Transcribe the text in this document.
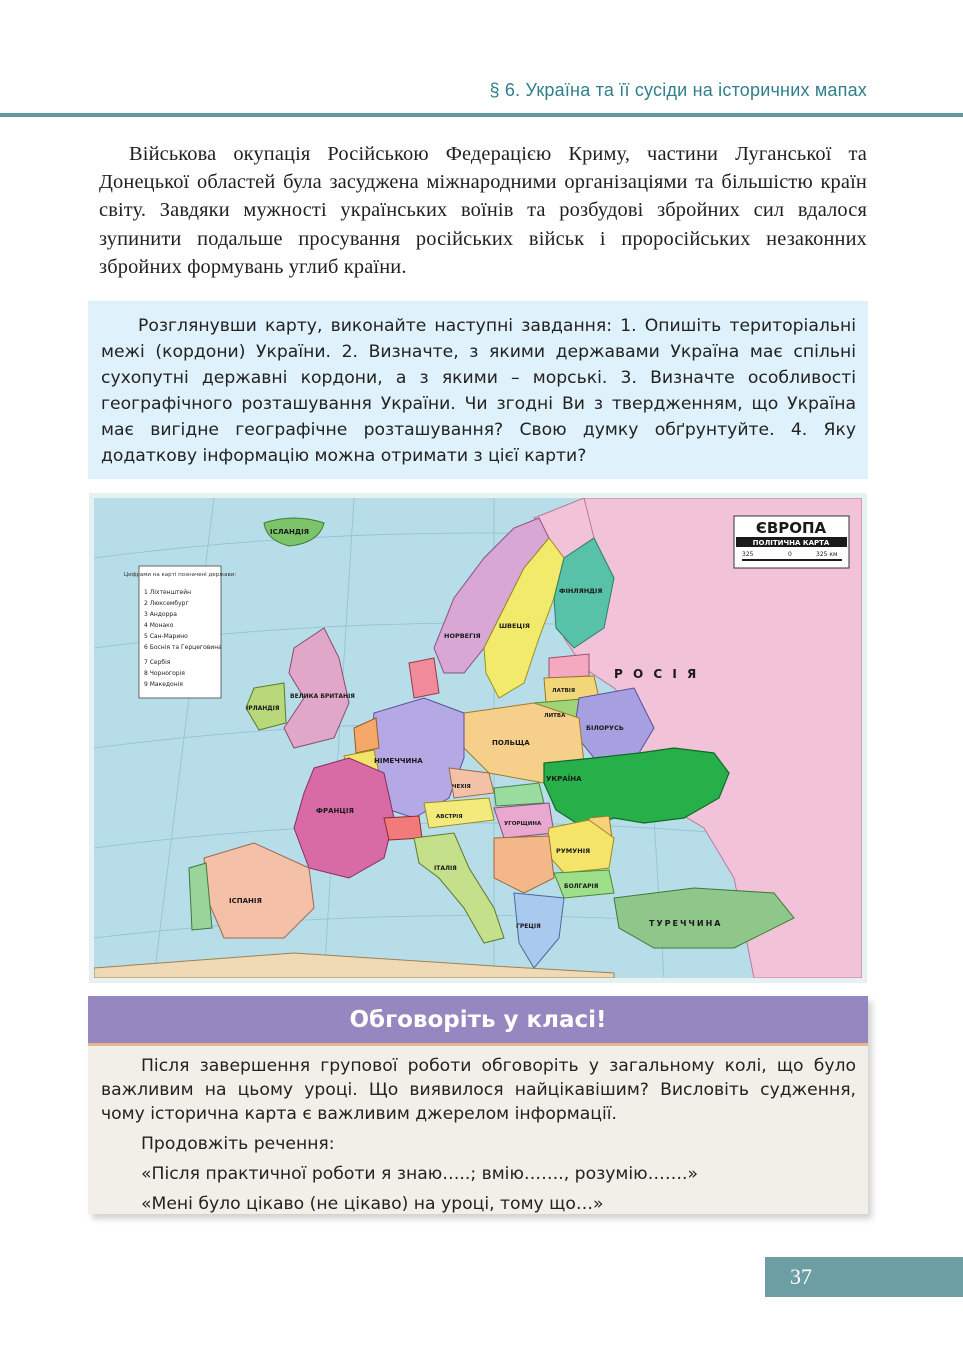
§ 6. Україна та її сусіди на історичних мапах

Військова окупація Російською Федерацією Криму, частини Луганської та Донецької областей була засуджена міжнародними організаціями та більшістю країн світу. Завдяки мужності українських воїнів та розбудові збройних сил вдалося зупинити подальше просування російських військ і проросійських незаконних збройних формувань углиб країни.

Розглянувши карту, виконайте наступні завдання: 1. Опишіть територіальні межі (кордони) України. 2. Визначте, з якими державами Україна має спільні сухопутні державні кордони, а з якими – морські. 3. Визначте особливості географічного розташування України. Чи згодні Ви з твердженням, що Україна має вигідне географічне розташування? Свою думку обґрунтуйте. 4. Яку додаткову інформацію можна отримати з цієї карти?

ЄВРОПА
ПОЛІТИЧНА КАРТА
325	0	325 км
Цифрами на карті позначені держави:
1 Ліхтенштейн
2 Люксембург
3 Андорра
4 Монако
5 Сан-Марино
6 Боснія та Герцеговина
7 Сербія
8 Чорногорія
9 Македонія
Р О С І Я
УКРАЇНА
БІЛОРУСЬ
ПОЛЬЩА
НІМЕЧЧИНА
ФРАНЦІЯ
ІСПАНІЯ
ІТАЛІЯ
РУМУНІЯ
БОЛГАРІЯ
ТУРЕЧЧИНА
ГРЕЦІЯ
ВЕЛИКА БРИТАНІЯ
ІРЛАНДІЯ
ІСЛАНДІЯ
НОРВЕГІЯ
ШВЕЦІЯ
ФІНЛЯНДІЯ
ЧЕХІЯ
АВСТРІЯ
УГОРЩИНА
ЛАТВІЯ
ЛИТВА
Обговоріть у класі!

Після завершення групової роботи обговоріть у загальному колі, що було важливим на цьому уроці. Що виявилося найцікавішим? Висловіть судження, чому історична карта є важливим джерелом інформації.

Продовжіть речення:

«Після практичної роботи я знаю…..; вмію……., розумію…….»

«Мені було цікаво (не цікаво) на уроці, тому що…»

37
